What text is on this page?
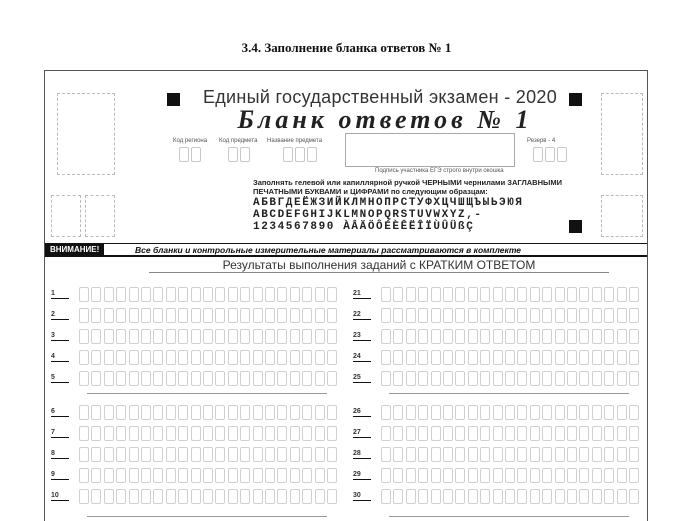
3.4. Заполнение бланка ответов № 1
Единый государственный экзамен - 2020
Бланк ответов № 1
Код региона Код предмета Название предмета
Подпись участника ЕГЭ строго внутри окошка
Резерв - 4
Заполнять гелевой или капиллярной ручкой ЧЕРНЫМИ чернилами ЗАГЛАВНЫМИ ПЕЧАТНЫМИ БУКВАМИ и ЦИФРАМИ по следующим образцам:
АБВГДЕЁЖЗИЙКЛМНОПРСТУФХЦЧШЩЪЫЬЭЮЯ
ABCDEFGHIJKLMNOPQRSTUVWXYZ,-
1234567890 ÀÂÄÖÔÉÈÊËÎÏÙÛÜßÇ
ВНИМАНИЕ!	Все бланки и контрольные измерительные материалы рассматриваются в комплекте
Результаты выполнения заданий с КРАТКИМ ОТВЕТОМ
1
2
3
4
5
6
7
8
9
10
21
22
23
24
25
26
27
28
29
30
